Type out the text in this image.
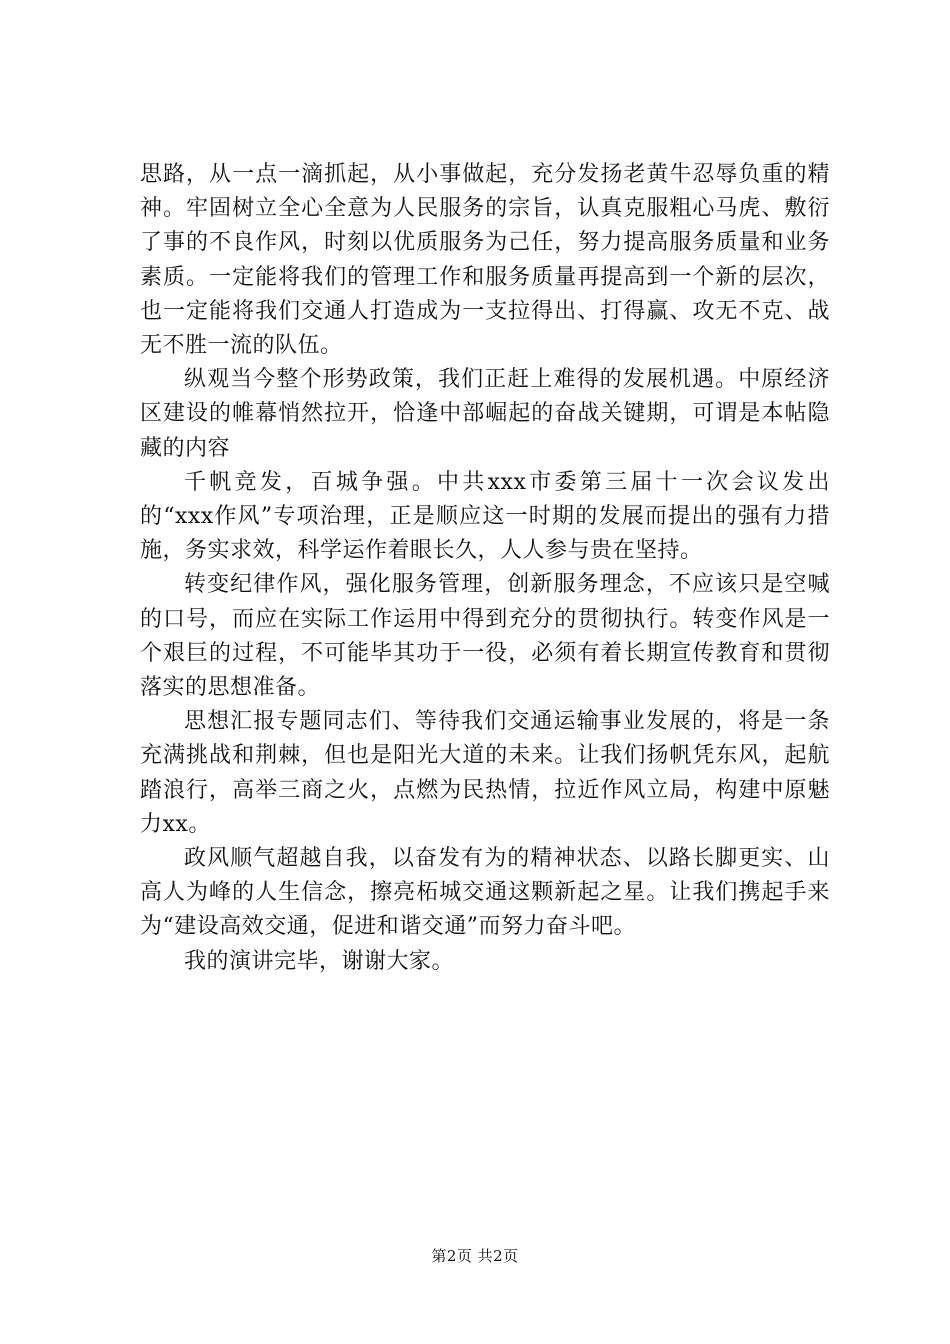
思路，从一点一滴抓起，从小事做起，充分发扬老黄牛忍辱负重的精神。牢固树立全心全意为人民服务的宗旨，认真克服粗心马虎、敷衍了事的不良作风，时刻以优质服务为己任，努力提高服务质量和业务素质。一定能将我们的管理工作和服务质量再提高到一个新的层次，也一定能将我们交通人打造成为一支拉得出、打得赢、攻无不克、战无不胜一流的队伍。

纵观当今整个形势政策，我们正赶上难得的发展机遇。中原经济区建设的帷幕悄然拉开，恰逢中部崛起的奋战关键期，可谓是本帖隐藏的内容

千帆竞发，百城争强。中共xxx市委第三届十一次会议发出的“xxx作风”专项治理，正是顺应这一时期的发展而提出的强有力措施，务实求效，科学运作着眼长久，人人参与贵在坚持。

转变纪律作风，强化服务管理，创新服务理念，不应该只是空喊的口号，而应在实际工作运用中得到充分的贯彻执行。转变作风是一个艰巨的过程，不可能毕其功于一役，必须有着长期宣传教育和贯彻落实的思想准备。

思想汇报专题同志们、等待我们交通运输事业发展的，将是一条充满挑战和荆棘，但也是阳光大道的未来。让我们扬帆凭东风，起航踏浪行，高举三商之火，点燃为民热情，拉近作风立局，构建中原魅力xx。

政风顺气超越自我，以奋发有为的精神状态、以路长脚更实、山高人为峰的人生信念，擦亮柘城交通这颗新起之星。让我们携起手来为“建设高效交通，促进和谐交通”而努力奋斗吧。

我的演讲完毕，谢谢大家。

第2页 共2页
